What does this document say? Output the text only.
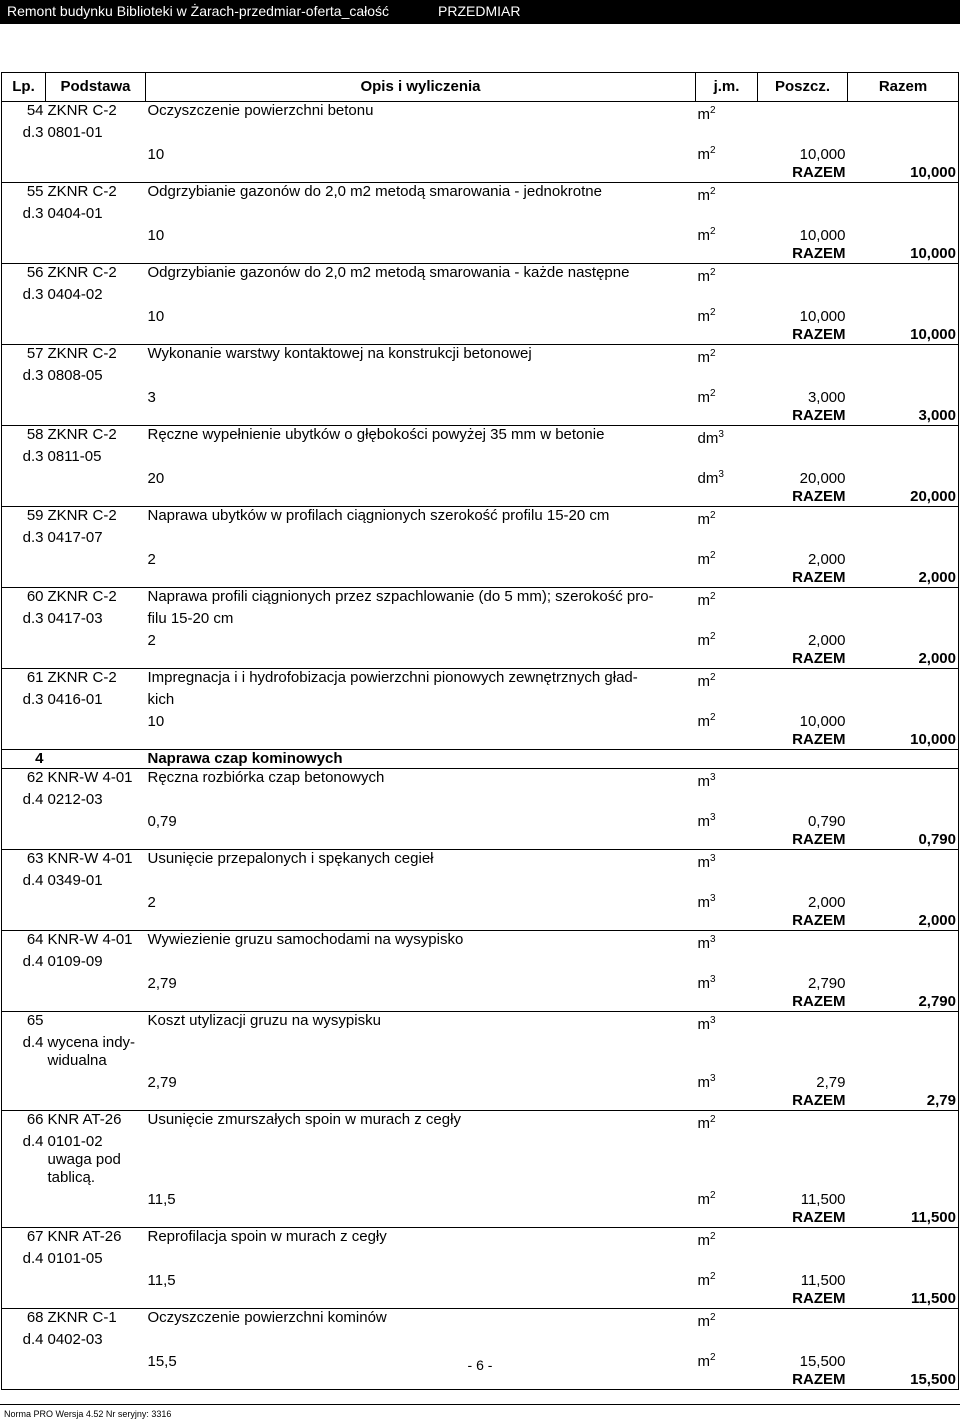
Remont budynku Biblioteki w Żarach-przedmiar-oferta_całość	PRZEDMIAR
Lp.	Podstawa	Opis i wyliczenia	j.m.	Poszcz.	Razem
54	ZKNR C-2	Oczyszczenie powierzchni betonu	$m^2$		
d.3	0801-01				
		10	$m^2$	10,000	
				RAZEM	10,000
55	ZKNR C-2	Odgrzybianie gazonów do 2,0 m2 metodą smarowania - jednokrotne	$m^2$		
d.3	0404-01				
		10	$m^2$	10,000	
				RAZEM	10,000
56	ZKNR C-2	Odgrzybianie gazonów do 2,0 m2 metodą smarowania - każde następne	$m^2$		
d.3	0404-02				
		10	$m^2$	10,000	
				RAZEM	10,000
57	ZKNR C-2	Wykonanie warstwy kontaktowej na konstrukcji betonowej	$m^2$		
d.3	0808-05				
		3	$m^2$	3,000	
				RAZEM	3,000
58	ZKNR C-2	Ręczne wypełnienie ubytków o głębokości powyżej 35 mm w betonie	$dm^3$		
d.3	0811-05				
		20	$dm^3$	20,000	
				RAZEM	20,000
59	ZKNR C-2	Naprawa ubytków w profilach ciągnionych szerokość profilu 15-20 cm	$m^2$		
d.3	0417-07				
		2	$m^2$	2,000	
				RAZEM	2,000
60	ZKNR C-2	Naprawa profili ciągnionych przez szpachlowanie (do 5 mm); szerokość pro-	$m^2$		
d.3	0417-03	filu 15-20 cm			
		2	$m^2$	2,000	
				RAZEM	2,000
61	ZKNR C-2	Impregnacja i i hydrofobizacja powierzchni pionowych zewnętrznych gład-	$m^2$		
d.3	0416-01	kich			
		10	$m^2$	10,000	
				RAZEM	10,000
4		Naprawa czap kominowych			
62	KNR-W 4-01	Ręczna rozbiórka czap betonowych	$m^3$		
d.4	0212-03				
		0,79	$m^3$	0,790	
				RAZEM	0,790
63	KNR-W 4-01	Usunięcie przepalonych i spękanych cegieł	$m^3$		
d.4	0349-01				
		2	$m^3$	2,000	
				RAZEM	2,000
64	KNR-W 4-01	Wywiezienie gruzu samochodami na wysypisko	$m^3$		
d.4	0109-09				
		2,79	$m^3$	2,790	
				RAZEM	2,790
65		Koszt utylizacji gruzu na wysypisku	$m^3$		
d.4	wycena indy-				
	widualna				
		2,79	$m^3$	2,79	
				RAZEM	2,79
66	KNR AT-26	Usunięcie zmurszałych spoin w murach z cegły	$m^2$		
d.4	0101-02				
	uwaga pod				
	tablicą.				
		11,5	$m^2$	11,500	
				RAZEM	11,500
67	KNR AT-26	Reprofilacja spoin w murach z cegły	$m^2$		
d.4	0101-05				
		11,5	$m^2$	11,500	
				RAZEM	11,500
68	ZKNR C-1	Oczyszczenie powierzchni kominów	$m^2$		
d.4	0402-03				
		15,5	$m^2$	15,500	
				RAZEM	15,500
- 6 -
Norma PRO Wersja 4.52 Nr seryjny: 3316
